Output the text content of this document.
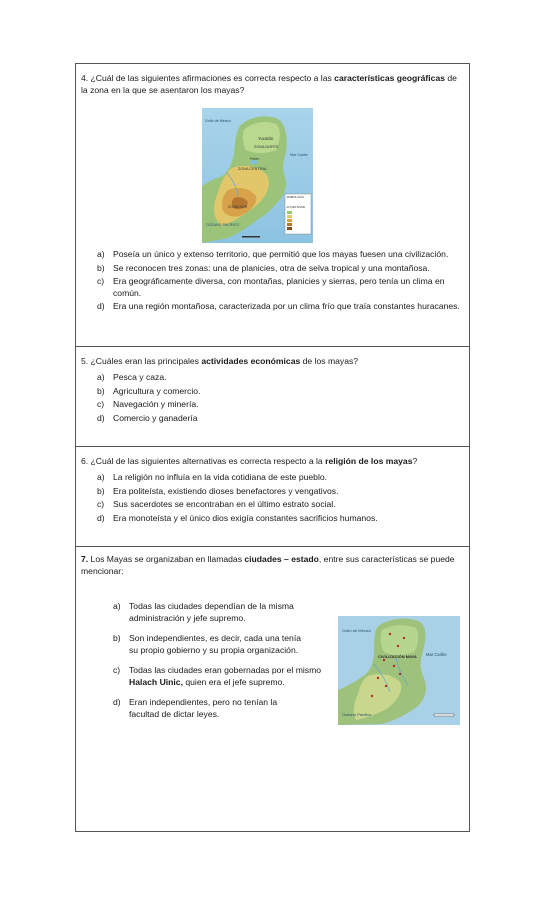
4. ¿Cuál de las siguientes afirmaciones es correcta respecto a las características geográficas de la zona en la que se asentaron los mayas?
Yucatán
ZONA NORTE
ZONA CENTRAL
Petén
ZONA SUR
Golfo de México
Mar Caribe
OCÉANO PACÍFICO
SIMBOLOGÍA
ALTURA MSNM
a) Poseía un único y extenso territorio, que permitió que los mayas fuesen una civilización.
b) Se reconocen tres zonas: una de planicies, otra de selva tropical y una montañosa.
c)	Era geográficamente diversa, con montañas, planicies y sierras, pero tenía un clima en común.
d) Era una región montañosa, caracterizada por un clima frío que traía constantes huracanes.
5. ¿Cuáles eran las principales actividades económicas de los mayas?
a) Pesca y caza.
b) Agricultura y comercio.
c)	Navegación y minería.
d) Comercio y ganadería
6. ¿Cuál de las siguientes alternativas es correcta respecto a la religión de los mayas?
a) La religión no influía en la vida cotidiana de este pueblo.
b) Era politeísta, existiendo dioses benefactores y vengativos.
c)	Sus sacerdotes se encontraban en el último estrato social.
d) Era monoteísta y el único dios exigía constantes sacrificios humanos.
7. Los Mayas se organizaban en llamadas ciudades – estado, entre sus características se puede mencionar:
a) Todas las ciudades dependían de la misma
administración y jefe supremo.
b) Son independientes, es decir, cada una tenía
su propio gobierno y su propia organización.
c)	Todas las ciudades eran gobernadas por el mismo
Halach Uinic, quien era el jefe supremo.
d) Eran independientes, pero no tenían la
facultad de dictar leyes.
Golfo de México
Mar Caribe
CIVILIZACIÓN MAYA
Océano Pacífico
